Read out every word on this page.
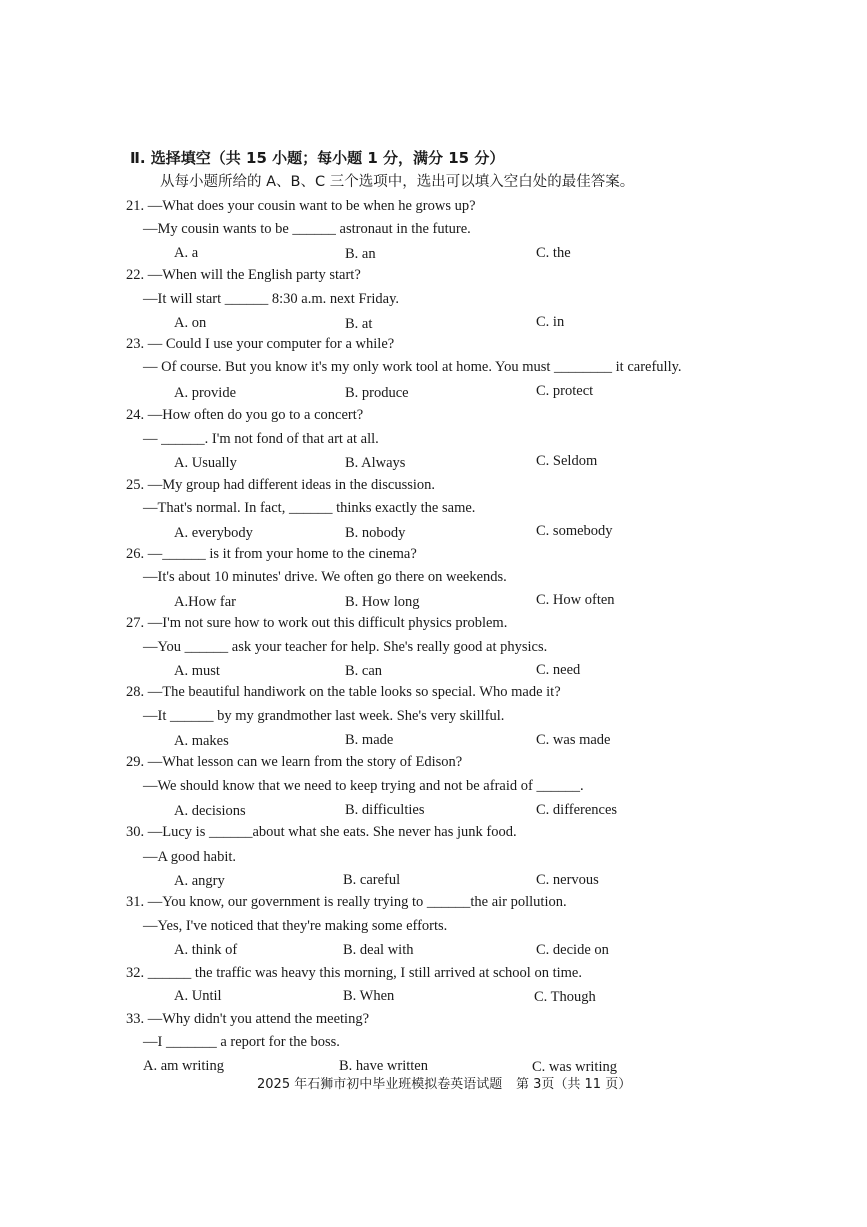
Ⅱ. 选择填空（共 15 小题；每小题 1 分，满分 15 分）
从每小题所给的 A、B、C 三个选项中，选出可以填入空白处的最佳答案。
21. —What does your cousin want to be when he grows up?
—My cousin wants to be ______ astronaut in the future.
A. a	B. an	C. the
22. —When will the English party start?
—It will start ______ 8:30 a.m. next Friday.
A. on	B. at	C. in
23. — Could I use your computer for a while?
— Of course. But you know it's my only work tool at home. You must ________ it carefully.
A. provide	B. produce	C. protect
24. —How often do you go to a concert?
— ______. I'm not fond of that art at all.
A. Usually	B. Always	C. Seldom
25. —My group had different ideas in the discussion.
—That's normal. In fact, ______ thinks exactly the same.
A. everybody	B. nobody	C. somebody
26. —______ is it from your home to the cinema?
—It's about 10 minutes' drive. We often go there on weekends.
A.How far	B. How long	C. How often
27. —I'm not sure how to work out this difficult physics problem.
—You ______ ask your teacher for help. She's really good at physics.
A. must	B. can	C. need
28. —The beautiful handiwork on the table looks so special. Who made it?
—It ______ by my grandmother last week. She's very skillful.
A. makes	B. made	C. was made
29. —What lesson can we learn from the story of Edison?
—We should know that we need to keep trying and not be afraid of ______.
A. decisions	B. difficulties	C. differences
30. —Lucy is ______about what she eats. She never has junk food.
—A good habit.
A. angry	B. careful	C. nervous
31. —You know, our government is really trying to ______the air pollution.
—Yes, I've noticed that they're making some efforts.
A. think of	B. deal with	C. decide on
32. ______ the traffic was heavy this morning, I still arrived at school on time.
A. Until	B. When	C. Though
33. —Why didn't you attend the meeting?
—I _______ a report for the boss.
A. am writing	B. have written	C. was writing
2025 年石狮市初中毕业班模拟卷英语试题 第 3页（共 11 页）
